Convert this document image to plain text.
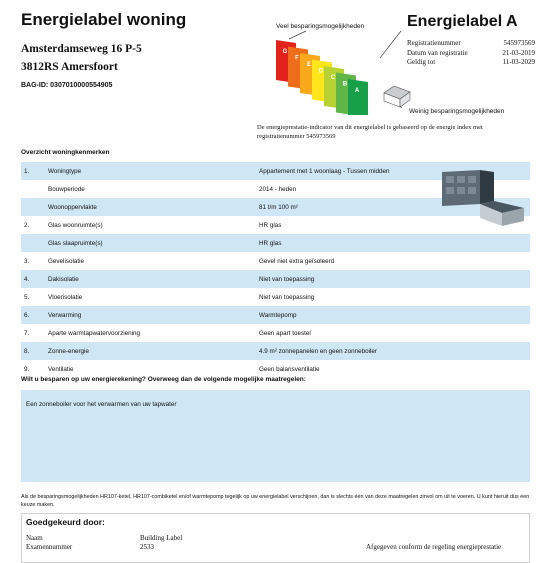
Energielabel woning
Amsterdamseweg 16 P-5
3812RS Amersfoort
BAG-ID: 0307010000554905
Veel besparingsmogelijkheden	Energielabel A
Registratienummer	545973569
Datum van registratie	21-03-2019
Geldig tot	11-03-2029
G
F
E
D
C
B
A
Weinig besparingsmogelijkheden
De energieprestatie-indicator van dit energielabel is gebaseerd op de energie index met registratienummer 545973569
Overzicht woningkenmerken
1.	Woningtype	Appartement met 1 woonlaag - Tussen midden
Bouwperiode	2014 - heden
Woonoppervlakte	81 t/m 100 m²
2.	Glas woonruimte(s)	HR glas
Glas slaapruimte(s)	HR glas
3.	Gevelisolatie	Gevel niet extra geïsoleerd
4.	Dakisolatie	Niet van toepassing
5.	Vloerisolatie	Niet van toepassing
6.	Verwarming	Warmtepomp
7.	Aparte warmtapwatervoorziening	Geen apart toestel
8.	Zonne-energie	4.9 m² zonnepanelen en geen zonneboiler
9.	Ventilatie	Geen balansventilatie
Wilt u besparen op uw energierekening? Overweeg dan de volgende mogelijke maatregelen:
Een zonneboiler voor het verwarmen van uw tapwater
Als de besparingsmogelijkheden HR107-ketel, HR107-combiketel en/of warmtepomp tegelijk op uw energielabel verschijnen, dan is slechts één van deze maatregelen zinvol om uit te voeren. U kunt hieruit dus een keuze maken.
Goedgekeurd door:
Naam	Building Label
Examennummer	2533	Afgegeven conform de regeling energieprestatie
